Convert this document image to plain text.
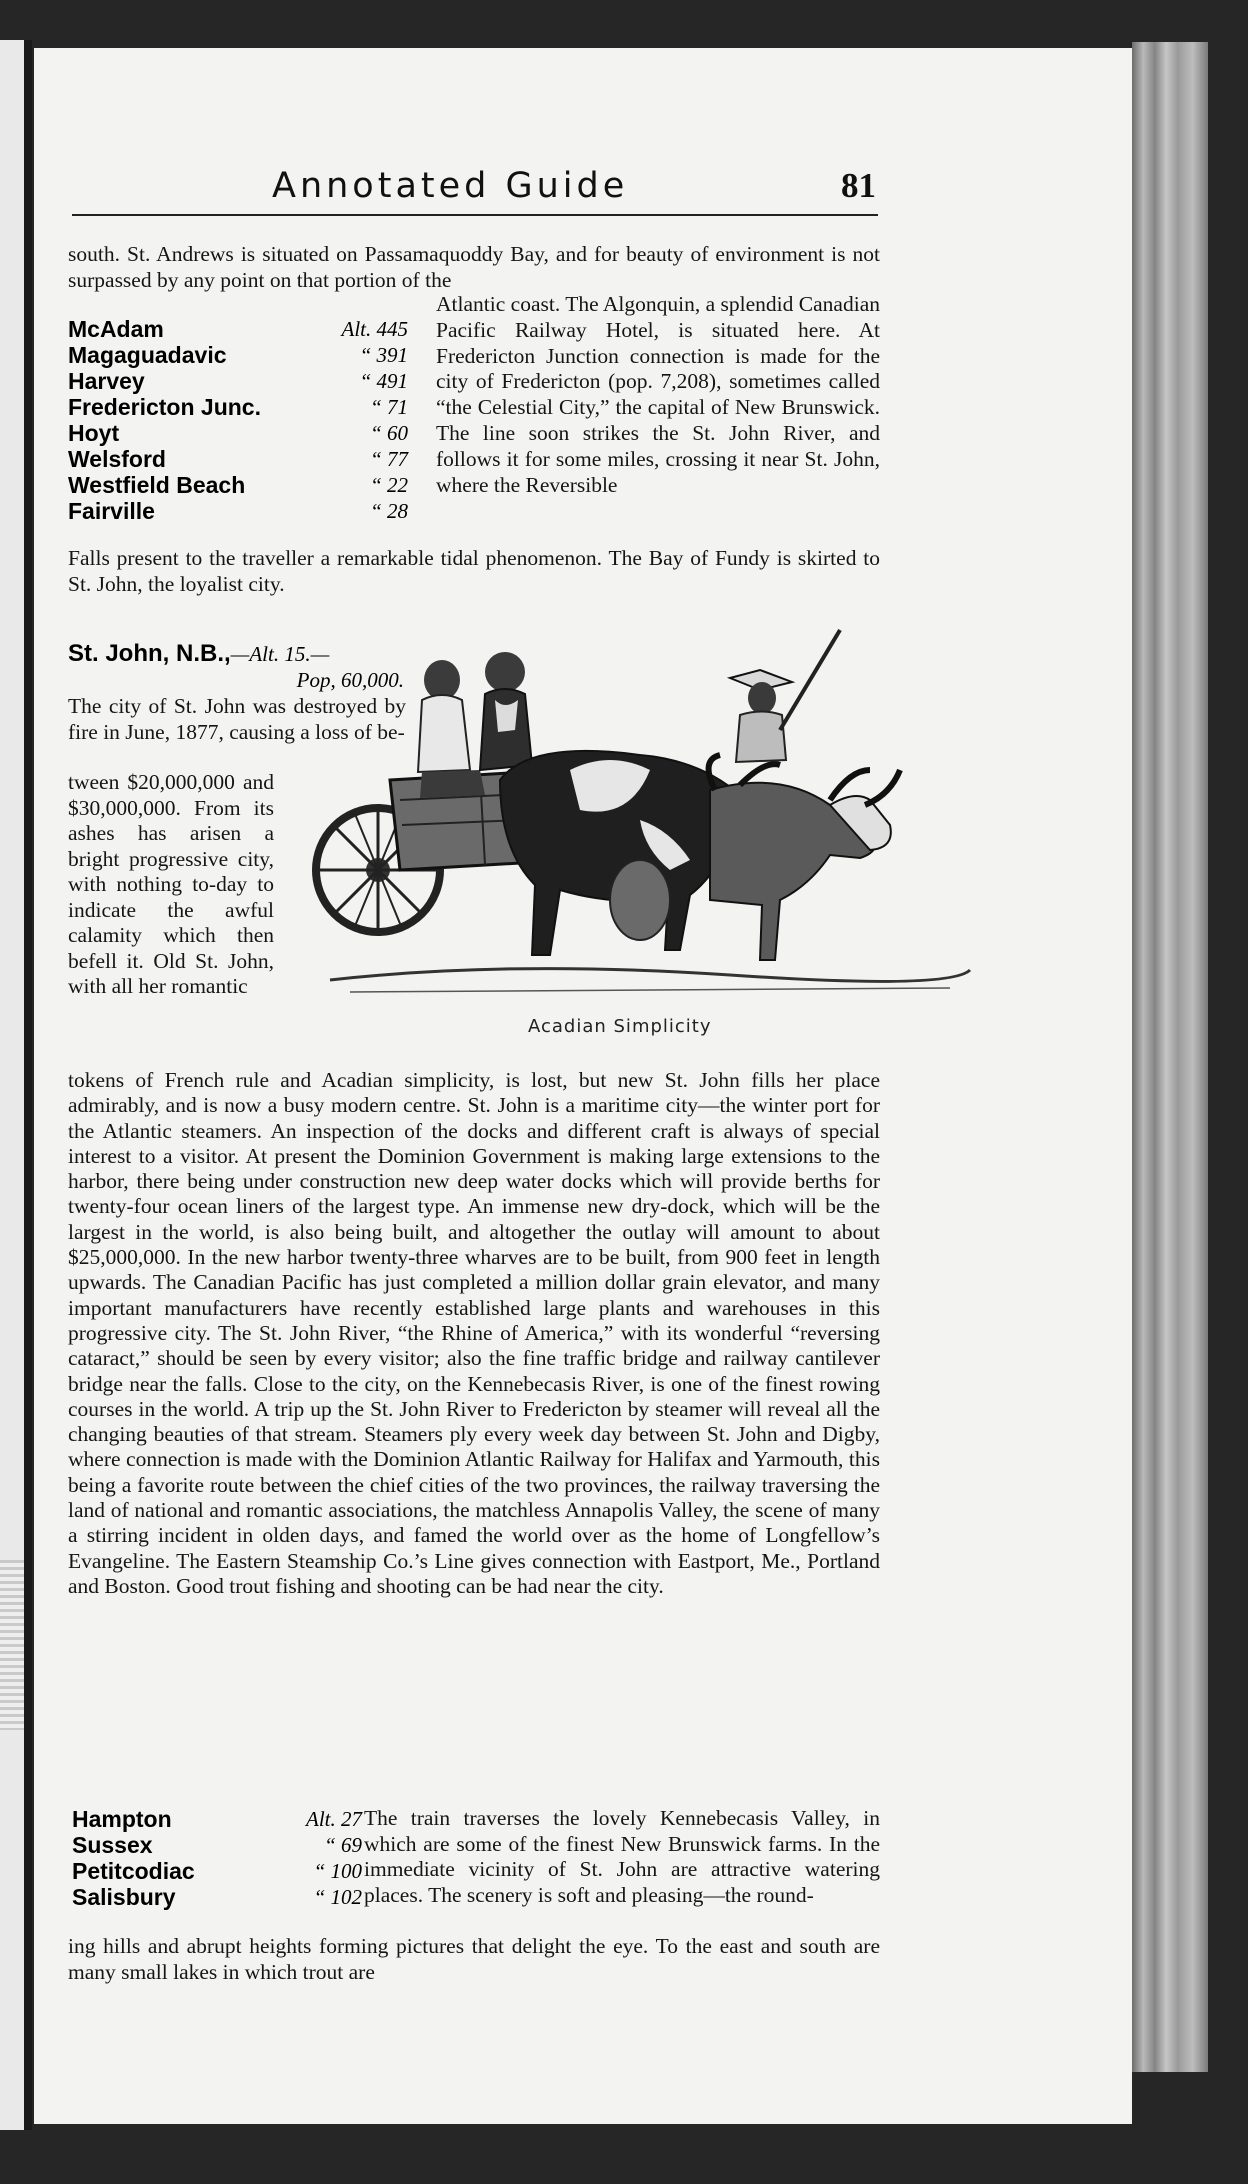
Annotated Guide	81

south. St. Andrews is situated on Passamaquoddy Bay, and for beauty of environment is not surpassed by any point on that portion of the

McAdam	Alt. 445
Magaguadavic	“ 391
Harvey	“ 491
Fredericton Junc.	“ 71
Hoyt	“ 60
Welsford	“ 77
Westfield Beach	“ 22
Fairville	“ 28

Atlantic coast. The Algonquin, a splendid Canadian Pacific Railway Hotel, is situated here. At Fredericton Junction connection is made for the city of Fredericton (pop. 7,208), sometimes called “the Celestial City,” the capital of New Brunswick. The line soon strikes the St. John River, and follows it for some miles, crossing it near St. John, where the Reversible

Falls present to the traveller a remarkable tidal phenomenon. The Bay of Fundy is skirted to St. John, the loyalist city.

St. John, N.B.,—Alt. 15.—
Pop, 60,000.

The city of St. John was destroyed by fire in June, 1877, causing a loss of be-

tween $20,000,000 and $30,000,000. From its ashes has arisen a bright progressive city, with nothing to-day to indicate the awful calamity which then befell it. Old St. John, with all her romantic

Acadian Simplicity

tokens of French rule and Acadian simplicity, is lost, but new St. John fills her place admirably, and is now a busy modern centre. St. John is a maritime city—the winter port for the Atlantic steamers. An inspection of the docks and different craft is always of special interest to a visitor. At present the Dominion Government is making large extensions to the harbor, there being under construction new deep water docks which will provide berths for twenty-four ocean liners of the largest type. An immense new dry-dock, which will be the largest in the world, is also being built, and altogether the outlay will amount to about $25,000,000. In the new harbor twenty-three wharves are to be built, from 900 feet in length upwards. The Canadian Pacific has just completed a million dollar grain elevator, and many important manufacturers have recently established large plants and warehouses in this progressive city. The St. John River, “the Rhine of America,” with its wonderful “reversing cataract,” should be seen by every visitor; also the fine traffic bridge and railway cantilever bridge near the falls. Close to the city, on the Kennebecasis River, is one of the finest rowing courses in the world. A trip up the St. John River to Fredericton by steamer will reveal all the changing beauties of that stream. Steamers ply every week day between St. John and Digby, where connection is made with the Dominion Atlantic Railway for Halifax and Yarmouth, this being a favorite route between the chief cities of the two provinces, the railway traversing the land of national and romantic associations, the matchless Annapolis Valley, the scene of many a stirring incident in olden days, and famed the world over as the home of Longfellow’s Evangeline. The Eastern Steamship Co.’s Line gives connection with Eastport, Me., Portland and Boston. Good trout fishing and shooting can be had near the city.

Hampton	Alt. 27
Sussex	“ 69
Petitcodiac	“ 100
Salisbury	“ 102

The train traverses the lovely Kennebecasis Valley, in which are some of the finest New Brunswick farms. In the immediate vicinity of St. John are attractive watering places. The scenery is soft and pleasing—the round-

ing hills and abrupt heights forming pictures that delight the eye. To the east and south are many small lakes in which trout are
